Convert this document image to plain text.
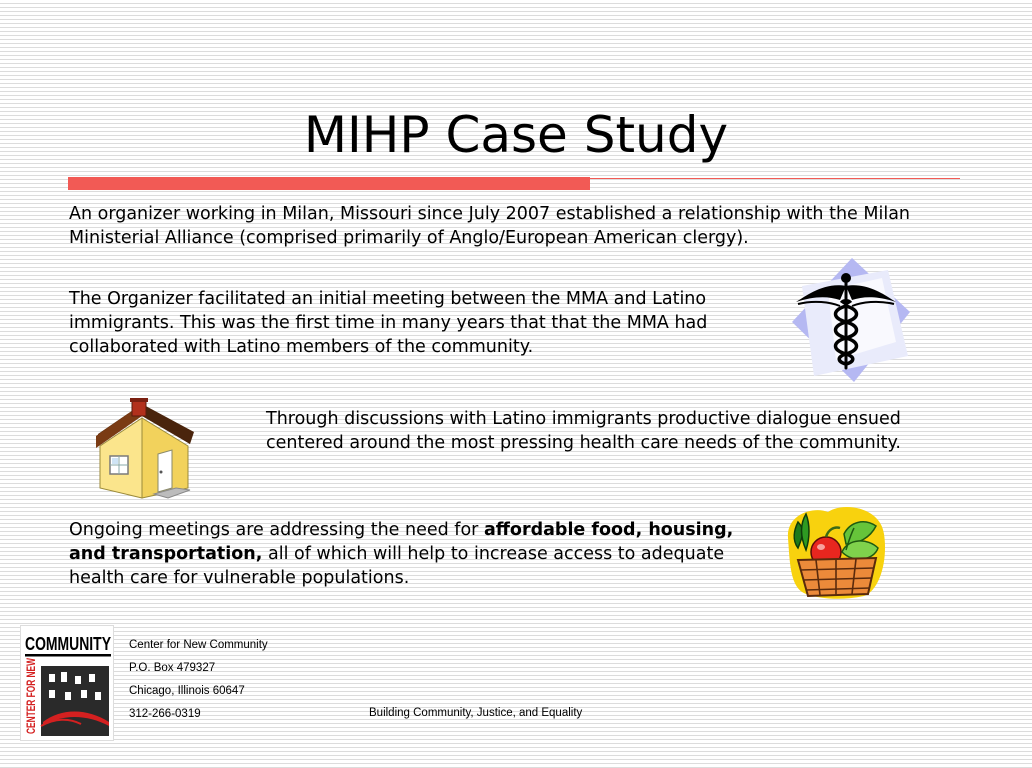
MIHP Case Study
An organizer working in Milan, Missouri since July 2007 established a relationship with the Milan Ministerial Alliance (comprised primarily of Anglo/European American clergy).
The Organizer facilitated an initial meeting between the MMA and Latino immigrants. This was the first time in many years that that the MMA had collaborated with Latino members of the community.
Through discussions with Latino immigrants productive dialogue ensued centered around the most pressing health care needs of the community.
Ongoing meetings are addressing the need for affordable food, housing, and transportation, all of which will help to increase access to adequate health care for vulnerable populations.
COMMUNITY
CENTER FOR NEW	Center for New Community
P.O. Box 479327
Chicago, Illinois 60647
312-266-0319	Building Community, Justice, and Equality
